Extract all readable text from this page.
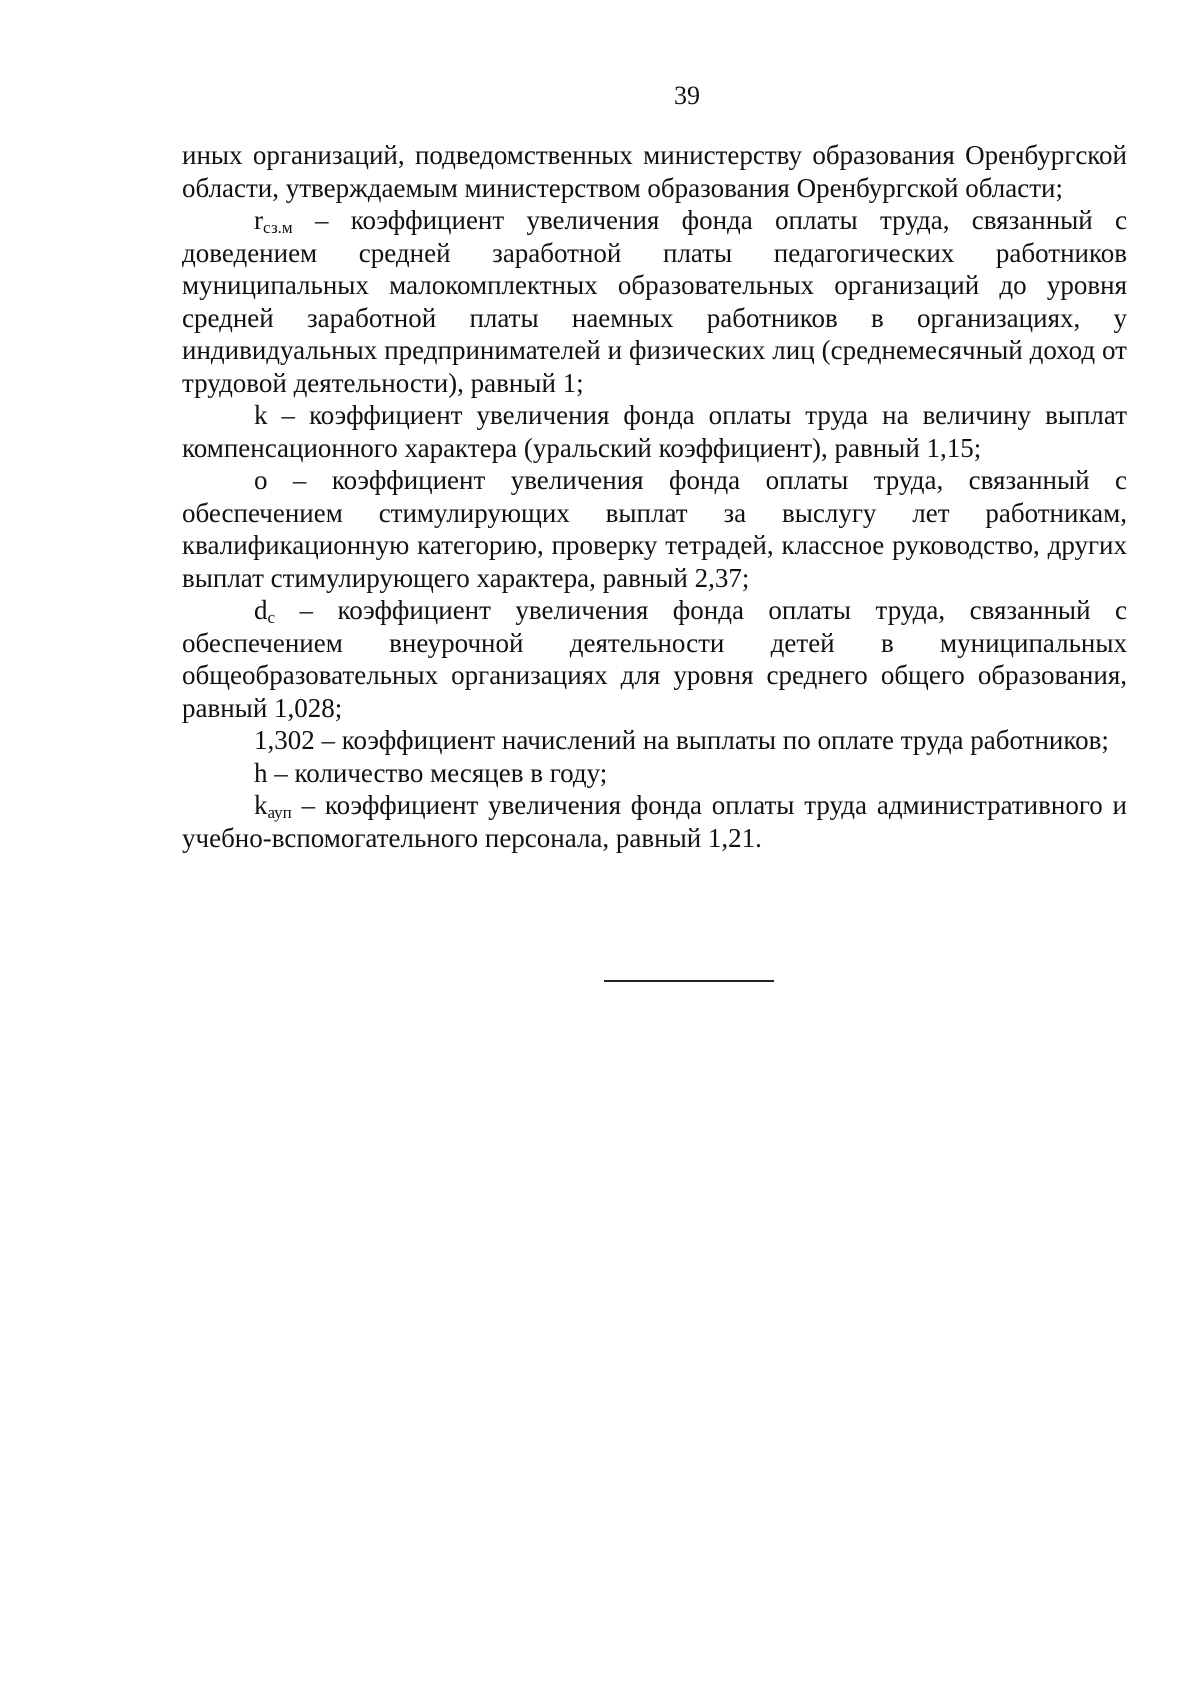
39

иных организаций, подведомственных министерству образования Оренбургской области, утверждаемым министерством образования Оренбургской области;

$r_{сз.м}$ – коэффициент увеличения фонда оплаты труда, связанный с доведением средней заработной платы педагогических работников муниципальных малокомплектных образовательных организаций до уровня средней заработной платы наемных работников в организациях, у индивидуальных предпринимателей и физических лиц (среднемесячный доход от трудовой деятельности), равный 1;

k – коэффициент увеличения фонда оплаты труда на величину выплат компенсационного характера (уральский коэффициент), равный 1,15;

o – коэффициент увеличения фонда оплаты труда, связанный с обеспечением стимулирующих выплат за выслугу лет работникам, квалификационную категорию, проверку тетрадей, классное руководство, других выплат стимулирующего характера, равный 2,37;

$d_c$ – коэффициент увеличения фонда оплаты труда, связанный с обеспечением внеурочной деятельности детей в муниципальных общеобразовательных организациях для уровня среднего общего образования, равный 1,028;

1,302 – коэффициент начислений на выплаты по оплате труда работников;

h – количество месяцев в году;

$k_{ауп}$ – коэффициент увеличения фонда оплаты труда административного и учебно-вспомогательного персонала, равный 1,21.
